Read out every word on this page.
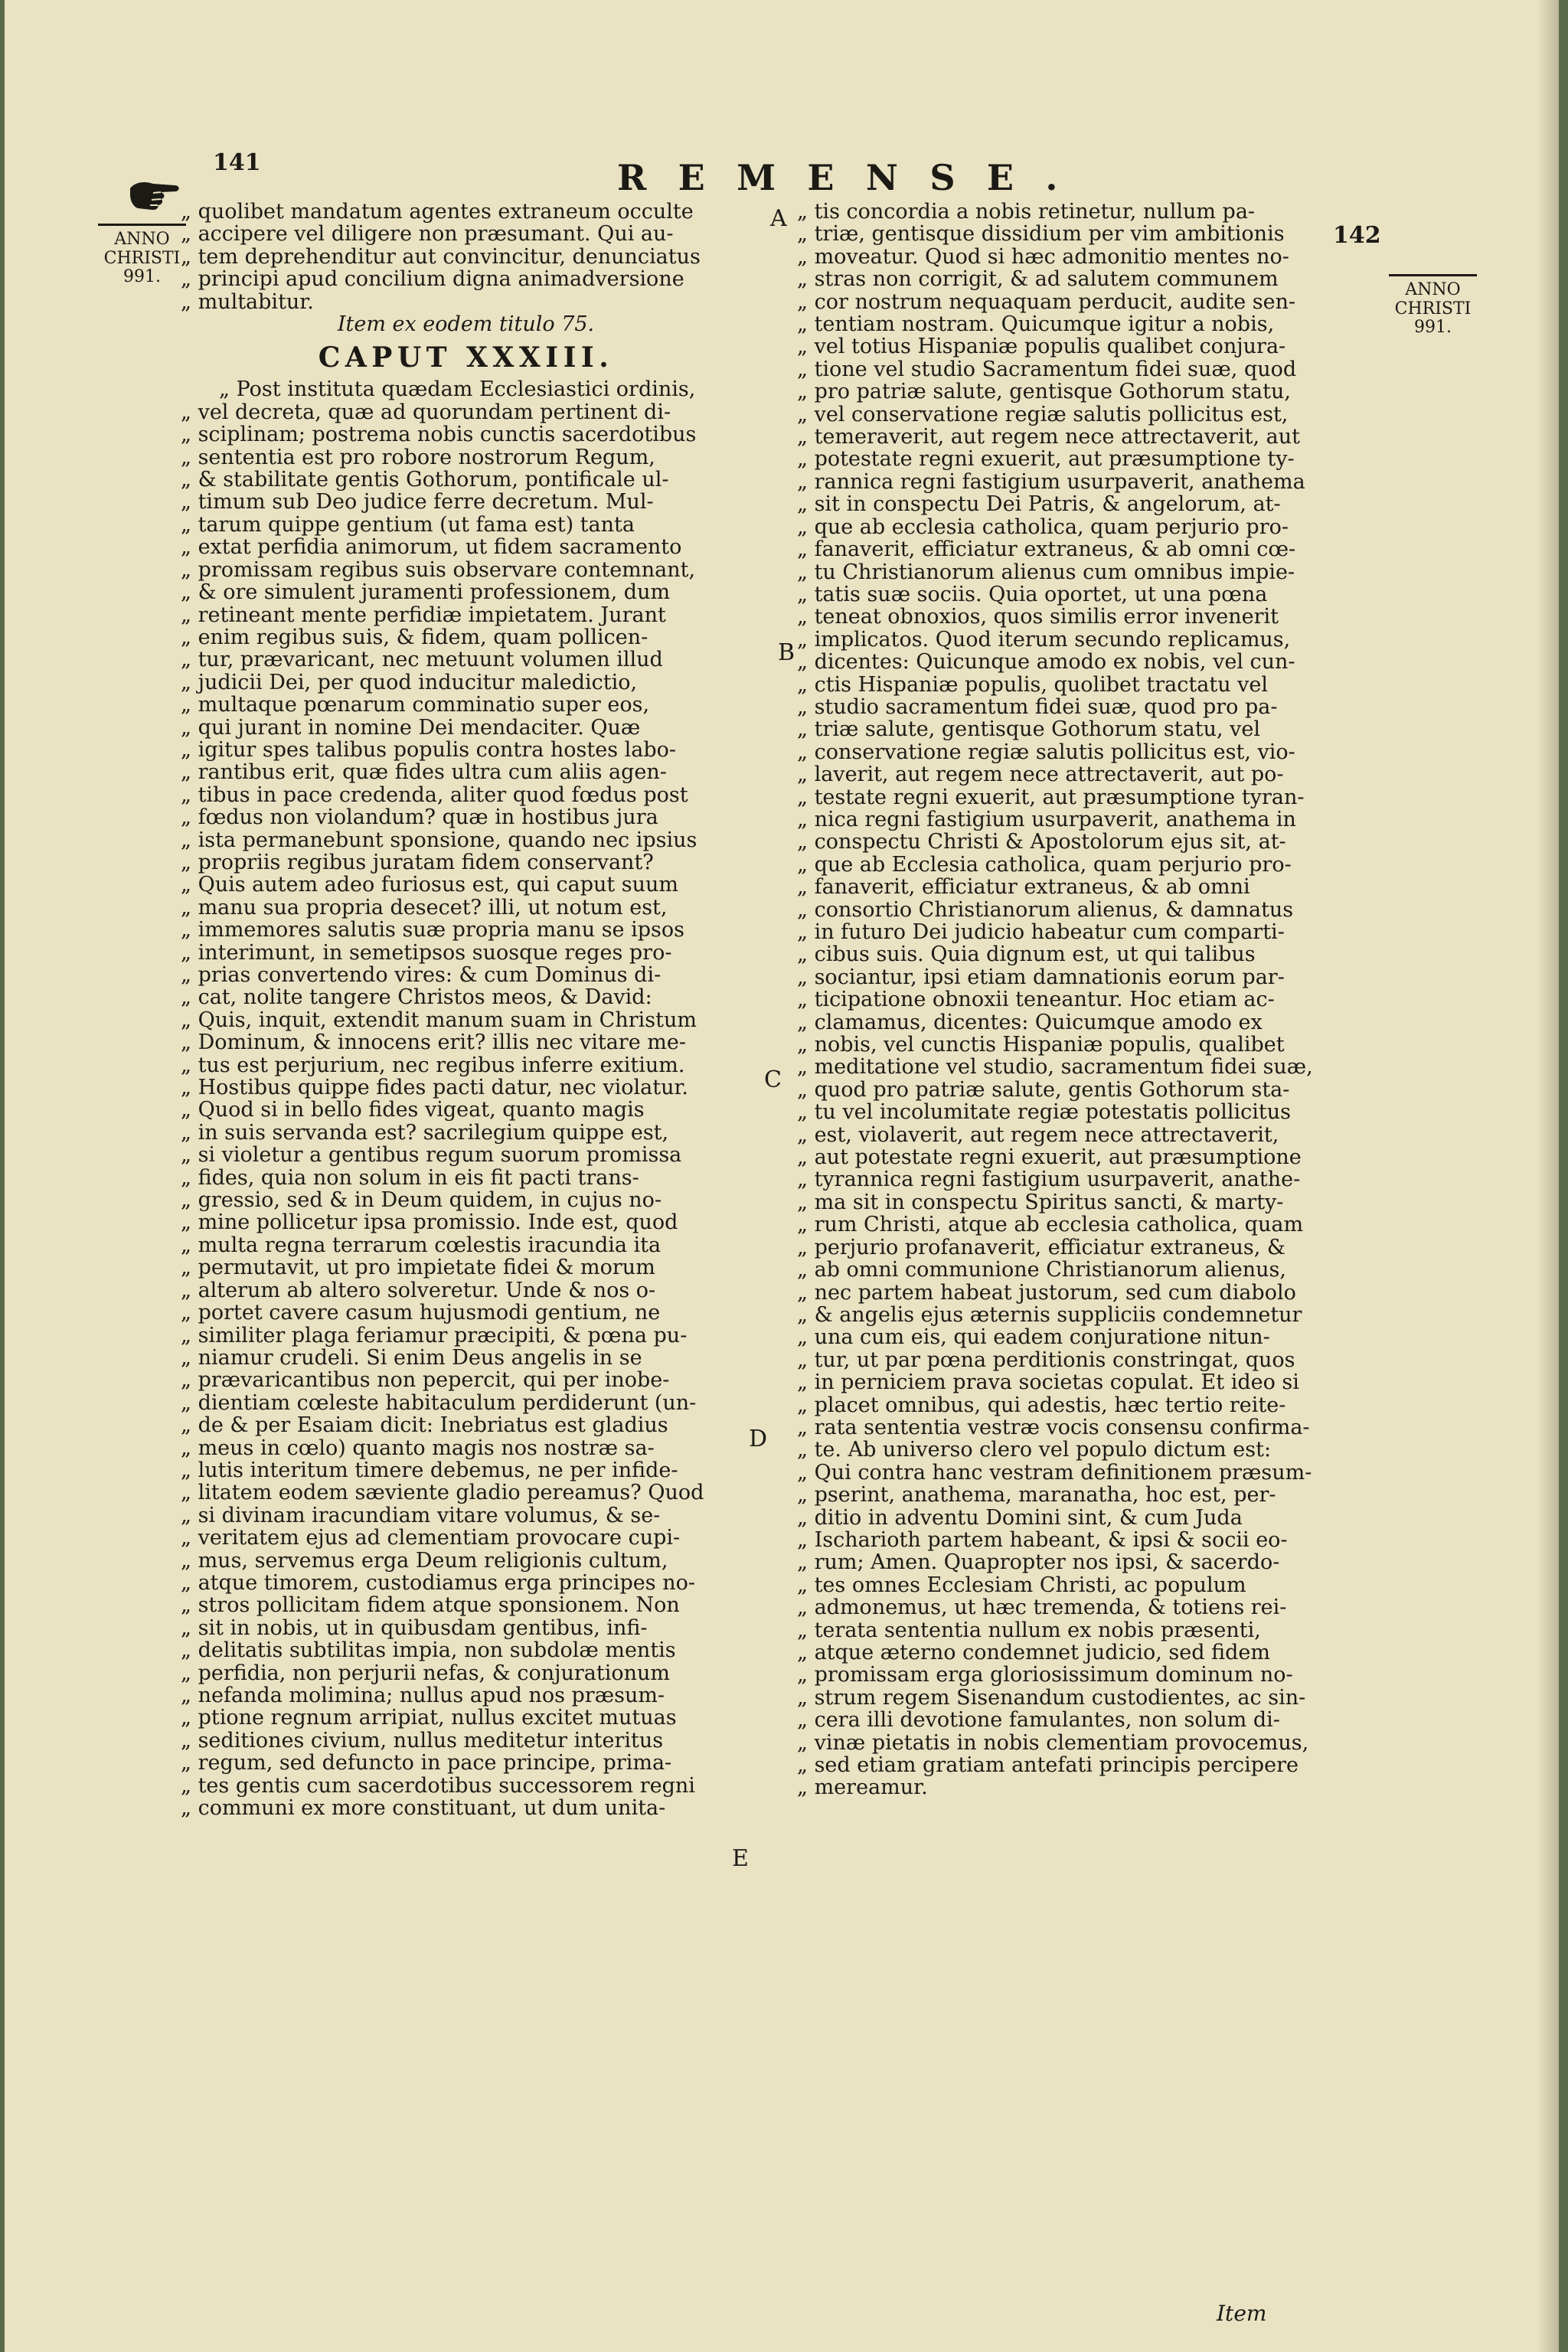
141	REMENSE.
142
ANNO
CHRISTI
991.
ANNO
CHRISTI
991.
A
B
C
D
E
„ quolibet mandatum agentes extraneum occulte
„ accipere vel diligere non præsumant. Qui au-
„ tem deprehenditur aut convincitur, denunciatus
„ principi apud concilium digna animadversione
„ multabitur.
Item ex eodem titulo 75.
CAPUT XXXIII.
„ Post instituta quædam Ecclesiastici ordinis,
„ vel decreta, quæ ad quorundam pertinent di-
„ sciplinam; postrema nobis cunctis sacerdotibus
„ sententia est pro robore nostrorum Regum,
„ & stabilitate gentis Gothorum, pontificale ul-
„ timum sub Deo judice ferre decretum. Mul-
„ tarum quippe gentium (ut fama est) tanta
„ extat perfidia animorum, ut fidem sacramento
„ promissam regibus suis observare contemnant,
„ & ore simulent juramenti professionem, dum
„ retineant mente perfidiæ impietatem. Jurant
„ enim regibus suis, & fidem, quam pollicen-
„ tur, prævaricant, nec metuunt volumen illud
„ judicii Dei, per quod inducitur maledictio,
„ multaque pœnarum comminatio super eos,
„ qui jurant in nomine Dei mendaciter. Quæ
„ igitur spes talibus populis contra hostes labo-
„ rantibus erit, quæ fides ultra cum aliis agen-
„ tibus in pace credenda, aliter quod fœdus post
„ fœdus non violandum? quæ in hostibus jura
„ ista permanebunt sponsione, quando nec ipsius
„ propriis regibus juratam fidem conservant?
„ Quis autem adeo furiosus est, qui caput suum
„ manu sua propria desecet? illi, ut notum est,
„ immemores salutis suæ propria manu se ipsos
„ interimunt, in semetipsos suosque reges pro-
„ prias convertendo vires: & cum Dominus di-
„ cat, nolite tangere Christos meos, & David:
„ Quis, inquit, extendit manum suam in Christum
„ Dominum, & innocens erit? illis nec vitare me-
„ tus est perjurium, nec regibus inferre exitium.
„ Hostibus quippe fides pacti datur, nec violatur.
„ Quod si in bello fides vigeat, quanto magis
„ in suis servanda est? sacrilegium quippe est,
„ si violetur a gentibus regum suorum promissa
„ fides, quia non solum in eis fit pacti trans-
„ gressio, sed & in Deum quidem, in cujus no-
„ mine pollicetur ipsa promissio. Inde est, quod
„ multa regna terrarum cœlestis iracundia ita
„ permutavit, ut pro impietate fidei & morum
„ alterum ab altero solveretur. Unde & nos o-
„ portet cavere casum hujusmodi gentium, ne
„ similiter plaga feriamur præcipiti, & pœna pu-
„ niamur crudeli. Si enim Deus angelis in se
„ prævaricantibus non pepercit, qui per inobe-
„ dientiam cœleste habitaculum perdiderunt (un-
„ de & per Esaiam dicit: Inebriatus est gladius
„ meus in cœlo) quanto magis nos nostræ sa-
„ lutis interitum timere debemus, ne per infide-
„ litatem eodem sæviente gladio pereamus? Quod
„ si divinam iracundiam vitare volumus, & se-
„ veritatem ejus ad clementiam provocare cupi-
„ mus, servemus erga Deum religionis cultum,
„ atque timorem, custodiamus erga principes no-
„ stros pollicitam fidem atque sponsionem. Non
„ sit in nobis, ut in quibusdam gentibus, infi-
„ delitatis subtilitas impia, non subdolæ mentis
„ perfidia, non perjurii nefas, & conjurationum
„ nefanda molimina; nullus apud nos præsum-
„ ptione regnum arripiat, nullus excitet mutuas
„ seditiones civium, nullus meditetur interitus
„ regum, sed defuncto in pace principe, prima-
„ tes gentis cum sacerdotibus successorem regni
„ communi ex more constituant, ut dum unita-
„ tis concordia a nobis retinetur, nullum pa-
„ triæ, gentisque dissidium per vim ambitionis
„ moveatur. Quod si hæc admonitio mentes no-
„ stras non corrigit, & ad salutem communem
„ cor nostrum nequaquam perducit, audite sen-
„ tentiam nostram. Quicumque igitur a nobis,
„ vel totius Hispaniæ populis qualibet conjura-
„ tione vel studio Sacramentum fidei suæ, quod
„ pro patriæ salute, gentisque Gothorum statu,
„ vel conservatione regiæ salutis pollicitus est,
„ temeraverit, aut regem nece attrectaverit, aut
„ potestate regni exuerit, aut præsumptione ty-
„ rannica regni fastigium usurpaverit, anathema
„ sit in conspectu Dei Patris, & angelorum, at-
„ que ab ecclesia catholica, quam perjurio pro-
„ fanaverit, efficiatur extraneus, & ab omni cœ-
„ tu Christianorum alienus cum omnibus impie-
„ tatis suæ sociis. Quia oportet, ut una pœna
„ teneat obnoxios, quos similis error invenerit
„ implicatos. Quod iterum secundo replicamus,
„ dicentes: Quicunque amodo ex nobis, vel cun-
„ ctis Hispaniæ populis, quolibet tractatu vel
„ studio sacramentum fidei suæ, quod pro pa-
„ triæ salute, gentisque Gothorum statu, vel
„ conservatione regiæ salutis pollicitus est, vio-
„ laverit, aut regem nece attrectaverit, aut po-
„ testate regni exuerit, aut præsumptione tyran-
„ nica regni fastigium usurpaverit, anathema in
„ conspectu Christi & Apostolorum ejus sit, at-
„ que ab Ecclesia catholica, quam perjurio pro-
„ fanaverit, efficiatur extraneus, & ab omni
„ consortio Christianorum alienus, & damnatus
„ in futuro Dei judicio habeatur cum comparti-
„ cibus suis. Quia dignum est, ut qui talibus
„ sociantur, ipsi etiam damnationis eorum par-
„ ticipatione obnoxii teneantur. Hoc etiam ac-
„ clamamus, dicentes: Quicumque amodo ex
„ nobis, vel cunctis Hispaniæ populis, qualibet
„ meditatione vel studio, sacramentum fidei suæ,
„ quod pro patriæ salute, gentis Gothorum sta-
„ tu vel incolumitate regiæ potestatis pollicitus
„ est, violaverit, aut regem nece attrectaverit,
„ aut potestate regni exuerit, aut præsumptione
„ tyrannica regni fastigium usurpaverit, anathe-
„ ma sit in conspectu Spiritus sancti, & marty-
„ rum Christi, atque ab ecclesia catholica, quam
„ perjurio profanaverit, efficiatur extraneus, &
„ ab omni communione Christianorum alienus,
„ nec partem habeat justorum, sed cum diabolo
„ & angelis ejus æternis suppliciis condemnetur
„ una cum eis, qui eadem conjuratione nitun-
„ tur, ut par pœna perditionis constringat, quos
„ in perniciem prava societas copulat. Et ideo si
„ placet omnibus, qui adestis, hæc tertio reite-
„ rata sententia vestræ vocis consensu confirma-
„ te. Ab universo clero vel populo dictum est:
„ Qui contra hanc vestram definitionem præsum-
„ pserint, anathema, maranatha, hoc est, per-
„ ditio in adventu Domini sint, & cum Juda
„ Ischarioth partem habeant, & ipsi & socii eo-
„ rum; Amen. Quapropter nos ipsi, & sacerdo-
„ tes omnes Ecclesiam Christi, ac populum
„ admonemus, ut hæc tremenda, & totiens rei-
„ terata sententia nullum ex nobis præsenti,
„ atque æterno condemnet judicio, sed fidem
„ promissam erga gloriosissimum dominum no-
„ strum regem Sisenandum custodientes, ac sin-
„ cera illi devotione famulantes, non solum di-
„ vinæ pietatis in nobis clementiam provocemus,
„ sed etiam gratiam antefati principis percipere
„ mereamur.
Item
